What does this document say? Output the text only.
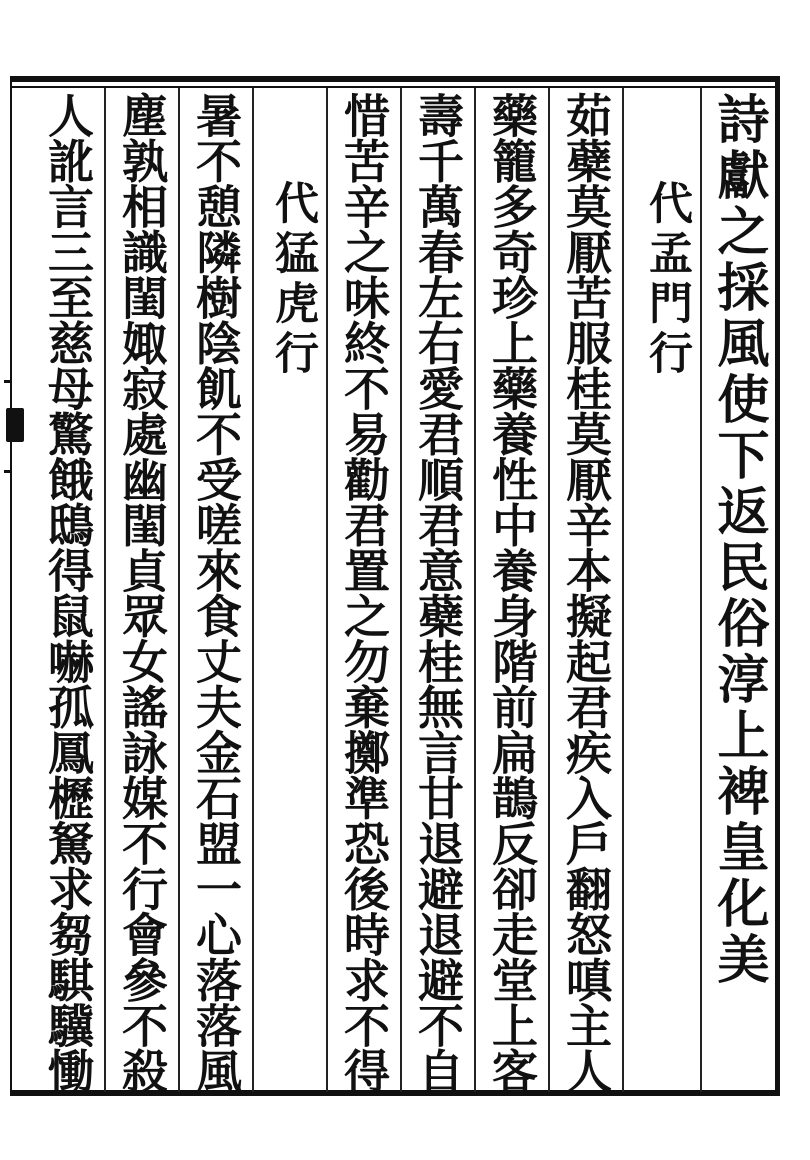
詩獻之採風使下返民俗淳上裨皇化美
代孟門行
茹蘗莫厭苦服桂莫厭辛本擬起君疾入戶翻怒嗔主人
藥籠多奇珍上藥養性中養身階前扁鵲反卻走堂上客
壽千萬春左右愛君順君意蘗桂無言甘退避退避不自
惜苦辛之味終不易勸君置之勿棄擲準恐後時求不得
代猛虎行
暑不憩隣樹陰飢不受嗟來食丈夫金石盟一心落落風
塵孰相識閨娵寂處幽閨貞眾女謠詠媒不行會參不殺
人訛言三至慈母驚餓鴟得鼠嚇孤鳳櫪駑求芻騏驥慟
